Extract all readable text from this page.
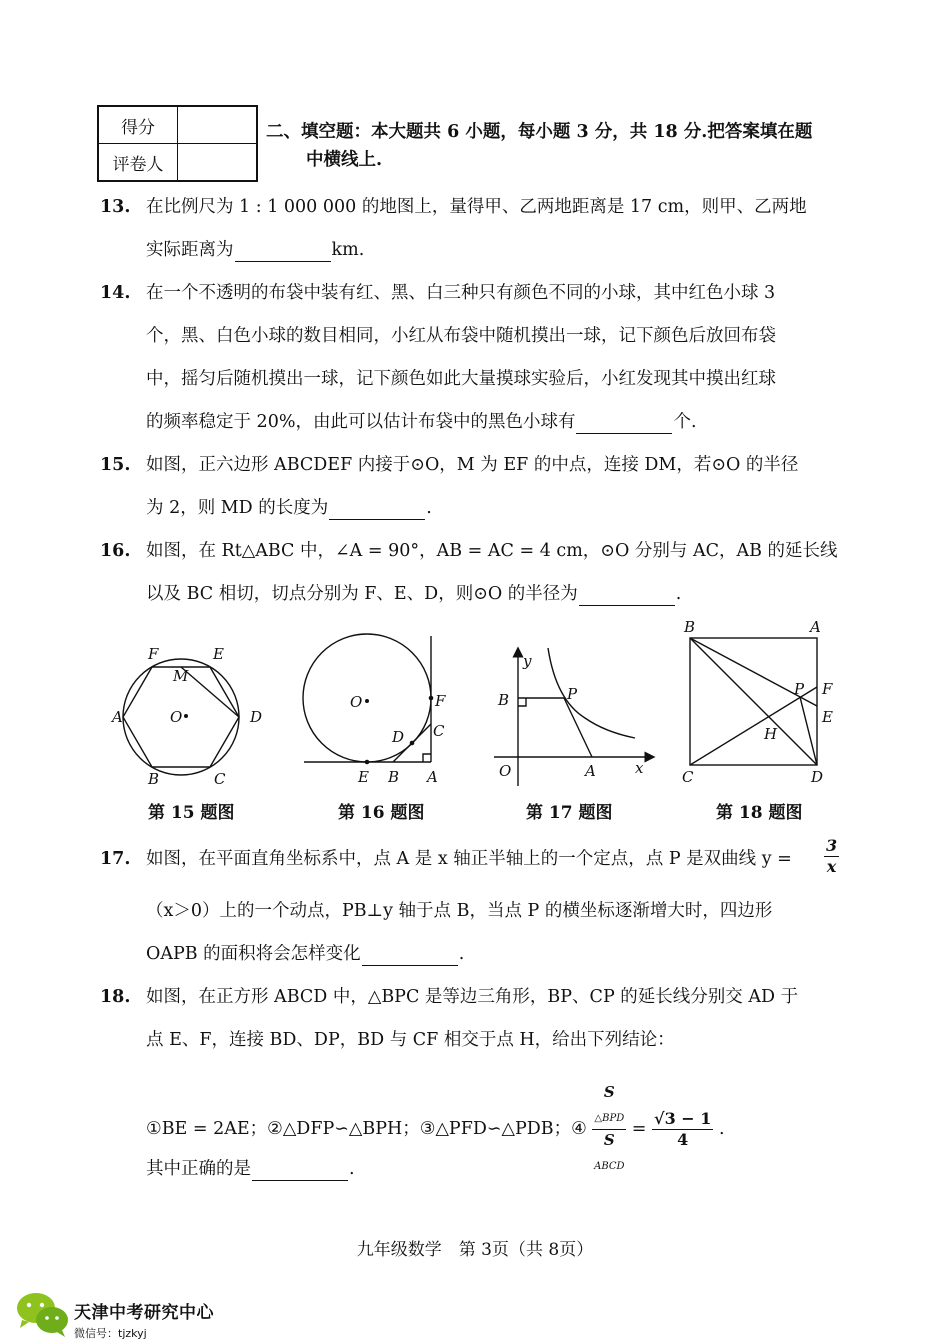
得分	
评卷人	
二、填空题：本大题共 6 小题，每小题 3 分，共 18 分.把答案填在题
中横线上.
13. 在比例尺为 1 : 1 000 000 的地图上，量得甲、乙两地距离是 17 cm，则甲、乙两地
实际距离为	km.
14. 在一个不透明的布袋中装有红、黑、白三种只有颜色不同的小球，其中红色小球 3
个，黑、白色小球的数目相同，小红从布袋中随机摸出一球，记下颜色后放回布袋
中，摇匀后随机摸出一球，记下颜色如此大量摸球实验后，小红发现其中摸出红球
的频率稳定于 20%，由此可以估计布袋中的黑色小球有	个.
15. 如图，正六边形 ABCDEF 内接于⊙O，M 为 EF 的中点，连接 DM，若⊙O 的半径
为 2，则 MD 的长度为	.
16. 如图，在 Rt△ABC 中，∠A = 90°，AB = AC = 4 cm，⊙O 分别与 AC，AB 的延长线
以及 BC 相切，切点分别为 F、E、D，则⊙O 的半径为	.
F	E
M
A	O	D
B	C
O	F
C
D
E B A
y
B	P
O	A	x
B	A
P F
E
H
C	D
第 15 题图	第 16 题图	第 17 题图	第 18 题图
17. 如图，在平面直角坐标系中，点 A 是 x 轴正半轴上的一个定点，点 P 是双曲线 $y = \frac{3}{x}$
（x＞0）上的一个动点，PB⊥y 轴于点 B，当点 P 的横坐标逐渐增大时，四边形
OAPB 的面积将会怎样变化	.
18. 如图，在正方形 ABCD 中，△BPC 是等边三角形，BP、CP 的延长线分别交 AD 于
点 E、F，连接 BD、DP，BD 与 CF 相交于点 H，给出下列结论：
①BE = 2AE；②△DFP∽△BPH；③△PFD∽△PDB；④ S
$_{\triangle BPD}$
S
$_{ABCD} = \frac{√3 - 1}{4}$ .
其中正确的是	.
九年级数学　第 3页（共 8页）
天津中考研究中心
微信号：tjzkyj
